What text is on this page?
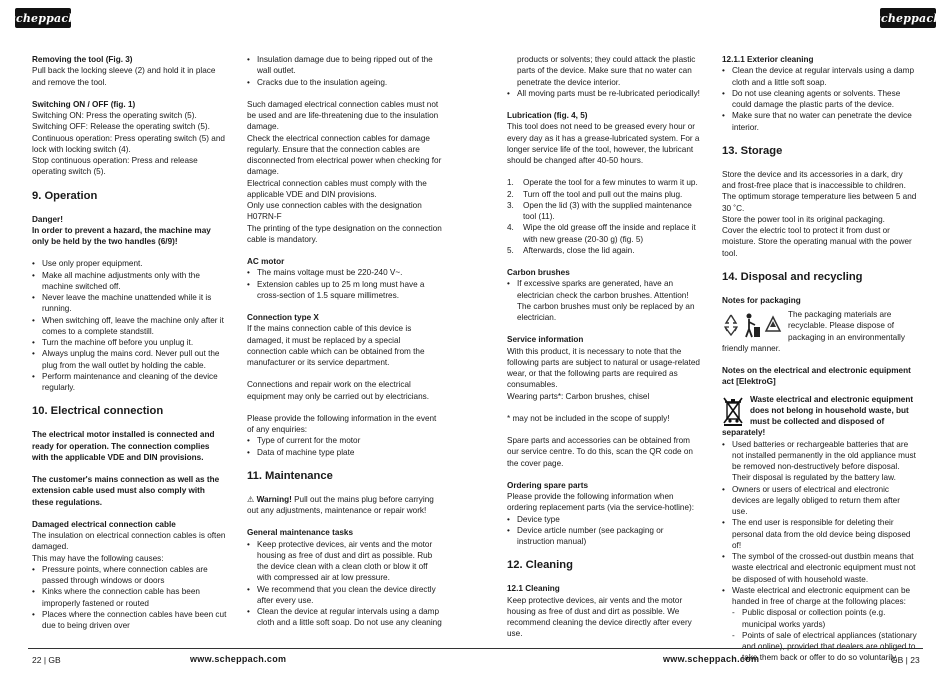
scheppach	scheppach

Removing the tool (Fig. 3)

Pull back the locking sleeve (2) and hold it in place and remove the tool.

Switching ON / OFF (fig. 1)

Switching ON: Press the operating switch (5).

Switching OFF: Release the operating switch (5).

Continuous operation: Press operating switch (5) and lock with locking switch (4).

Stop continuous operation: Press and release operating switch (5).

9. Operation

Danger!

In order to prevent a hazard, the machine may only be held by the two handles (6/9)!

• Use only proper equipment.
• Make all machine adjustments only with the machine switched off.
• Never leave the machine unattended while it is running.
• When switching off, leave the machine only after it comes to a complete standstill.
• Turn the machine off before you unplug it.
• Always unplug the mains cord. Never pull out the plug from the wall outlet by holding the cable.
• Perform maintenance and cleaning of the device regularly.

10. Electrical connection

The electrical motor installed is connected and ready for operation. The connection complies with the applicable VDE and DIN provisions.

The customer's mains connection as well as the extension cable used must also comply with these regulations.

Damaged electrical connection cable

The insulation on electrical connection cables is often damaged.

This may have the following causes:

• Pressure points, where connection cables are passed through windows or doors
• Kinks where the connection cable has been improperly fastened or routed
• Places where the connection cables have been cut due to being driven over
• Insulation damage due to being ripped out of the wall outlet.
• Cracks due to the insulation ageing.

Such damaged electrical connection cables must not be used and are life-threatening due to the insulation damage.

Check the electrical connection cables for damage regularly. Ensure that the connection cables are disconnected from electrical power when checking for damage.

Electrical connection cables must comply with the applicable VDE and DIN provisions.

Only use connection cables with the designation H07RN-F

The printing of the type designation on the connection cable is mandatory.

AC motor

• The mains voltage must be 220-240 V~.
• Extension cables up to 25 m long must have a cross-section of 1.5 square millimetres.

Connection type X

If the mains connection cable of this device is damaged, it must be replaced by a special connection cable which can be obtained from the manufacturer or its service department.

Connections and repair work on the electrical equipment may only be carried out by electricians.

Please provide the following information in the event of any enquiries:

• Type of current for the motor
• Data of machine type plate

11. Maintenance

⚠ Warning! Pull out the mains plug before carrying out any adjustments, maintenance or repair work!

General maintenance tasks

• Keep protective devices, air vents and the motor housing as free of dust and dirt as possible. Rub the device clean with a clean cloth or blow it off with compressed air at low pressure.
• We recommend that you clean the device directly after every use.
• Clean the device at regular intervals using a damp cloth and a little soft soap. Do not use any cleaning

products or solvents; they could attack the plastic parts of the device. Make sure that no water can penetrate the device interior.

• All moving parts must be re-lubricated periodically!

Lubrication (fig. 4, 5)

This tool does not need to be greased every hour or every day as it has a grease-lubricated system. For a longer service life of the tool, however, the lubricant should be changed after 40-50 hours.

1. Operate the tool for a few minutes to warm it up.
2. Turn off the tool and pull out the mains plug.
3. Open the lid (3) with the supplied maintenance tool (11).
4. Wipe the old grease off the inside and replace it with new grease (20-30 g) (fig. 5)
5. Afterwards, close the lid again.

Carbon brushes

• If excessive sparks are generated, have an electrician check the carbon brushes. Attention! The carbon brushes must only be replaced by an electrician.

Service information

With this product, it is necessary to note that the following parts are subject to natural or usage-related wear, or that the following parts are required as consumables.

Wearing parts*: Carbon brushes, chisel

* may not be included in the scope of supply!

Spare parts and accessories can be obtained from our service centre. To do this, scan the QR code on the cover page.

Ordering spare parts

Please provide the following information when ordering replacement parts (via the service-hotline):

• Device type
• Device article number (see packaging or instruction manual)

12. Cleaning

12.1 Cleaning

Keep protective devices, air vents and the motor housing as free of dust and dirt as possible. We recommend cleaning the device directly after every use.

12.1.1 Exterior cleaning

• Clean the device at regular intervals using a damp cloth and a little soft soap.
• Do not use cleaning agents or solvents. These could damage the plastic parts of the device.
• Make sure that no water can penetrate the device interior.

13. Storage

Store the device and its accessories in a dark, dry and frost-free place that is inaccessible to children. The optimum storage temperature lies between 5 and 30 ˚C.

Store the power tool in its original packaging.

Cover the electric tool to protect it from dust or moisture. Store the operating manual with the power tool.

14. Disposal and recycling

Notes for packaging

The packaging materials are recyclable. Please dispose of packaging in an environmentally friendly manner.

Notes on the electrical and electronic equipment act [ElektroG]

Waste electrical and electronic equipment does not belong in household waste, but must be collected and disposed of separately!

• Used batteries or rechargeable batteries that are not installed permanently in the old appliance must be removed non-destructively before disposal. Their disposal is regulated by the battery law.
• Owners or users of electrical and electronic devices are legally obliged to return them after use.
• The end user is responsible for deleting their personal data from the old device being disposed of!
• The symbol of the crossed-out dustbin means that waste electrical and electronic equipment must not be disposed of with household waste.
• Waste electrical and electronic equipment can be handed in free of charge at the following places:
- Public disposal or collection points (e.g. municipal works yards)
- Points of sale of electrical appliances (stationary and online), provided that dealers are obliged to take them back or offer to do so voluntarily.
22 | GB	www.scheppach.com	www.scheppach.com	GB | 23
